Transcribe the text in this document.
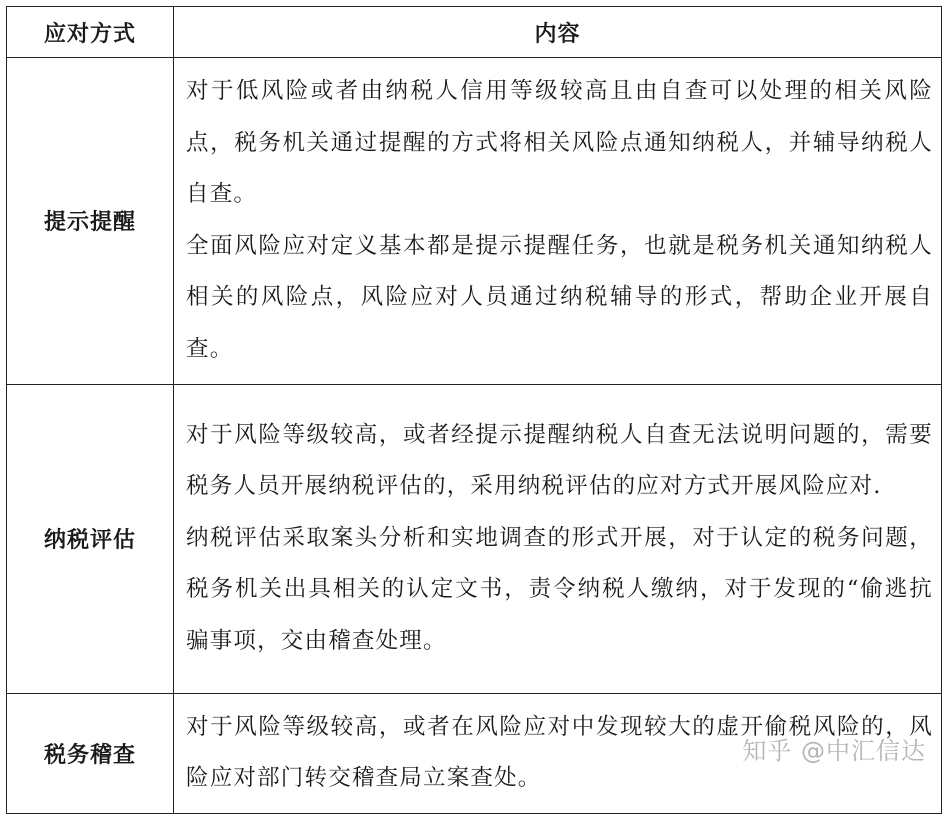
应对方式	内容
提示提醒	对于低风险或者由纳税人信用等级较高且由自查可以处理的相关风险点，税务机关通过提醒的方式将相关风险点通知纳税人，并辅导纳税人自查。

全面风险应对定义基本都是提示提醒任务，也就是税务机关通知纳税人相关的风险点，风险应对人员通过纳税辅导的形式，帮助企业开展自查。

纳税评估	对于风险等级较高，或者经提示提醒纳税人自查无法说明问题的，需要税务人员开展纳税评估的，采用纳税评估的应对方式开展风险应对.

纳税评估采取案头分析和实地调查的形式开展，对于认定的税务问题，税务机关出具相关的认定文书，责令纳税人缴纳，对于发现的“偷逃抗骗事项，交由稽查处理。

税务稽查	对于风险等级较高，或者在风险应对中发现较大的虚开偷税风险的，风险应对部门转交稽查局立案查处。

知乎 @中汇信达
